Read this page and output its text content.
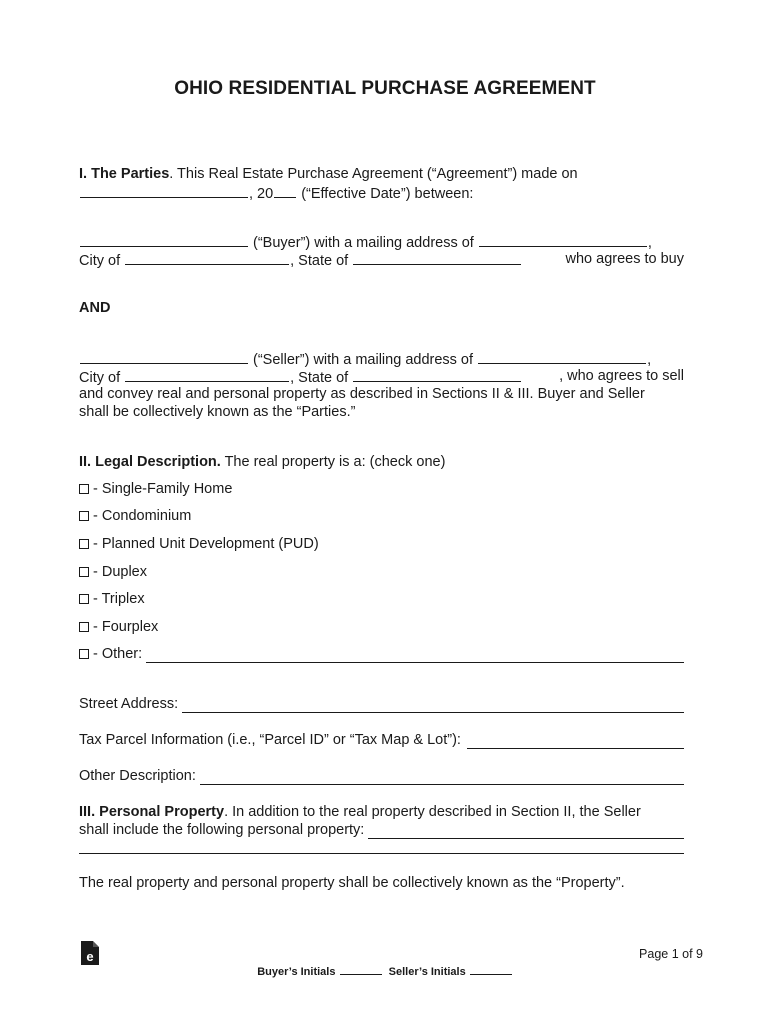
OHIO RESIDENTIAL PURCHASE AGREEMENT
I. The Parties. This Real Estate Purchase Agreement (“Agreement”) made on
, 20 (“Effective Date”) between:
(“Buyer”) with a mailing address of	,
City of	, State of	who agrees to buy
AND
(“Seller”) with a mailing address of	,
City of	, State of	, who agrees to sell
and convey real and personal property as described in Sections II & III. Buyer and Seller
shall be collectively known as the “Parties.”
II. Legal Description. The real property is a: (check one)
- Single-Family Home
- Condominium
- Planned Unit Development (PUD)
- Duplex
- Triplex
- Fourplex
- Other:
Street Address:
Tax Parcel Information (i.e., “Parcel ID” or “Tax Map & Lot”):
Other Description:
III. Personal Property. In addition to the real property described in Section II, the Seller
shall include the following personal property:
The real property and personal property shall be collectively known as the “Property”.
e	Page 1 of 9
Buyer’s Initials	Seller’s Initials
